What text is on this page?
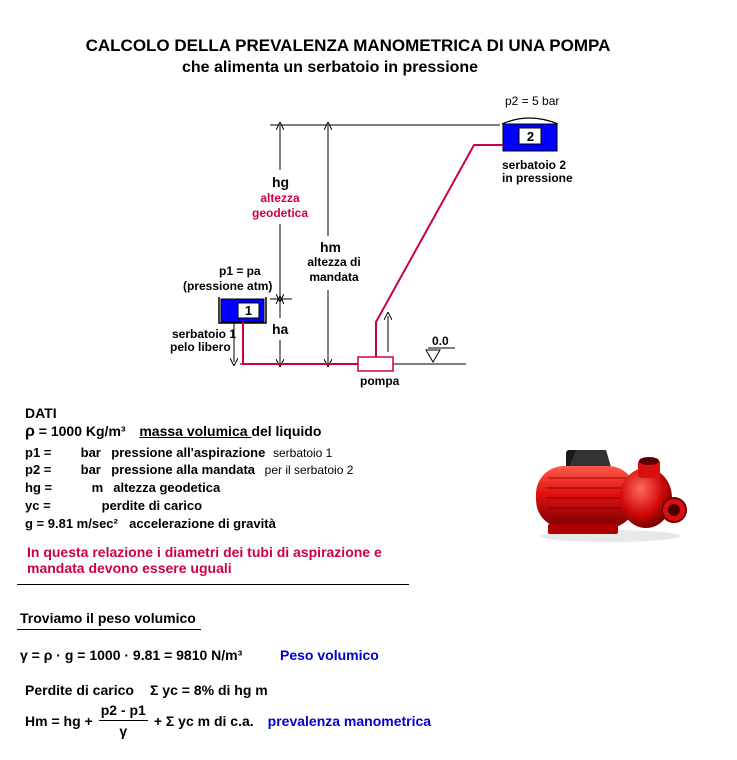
CALCOLO DELLA PREVALENZA MANOMETRICA DI UNA POMPA
che alimenta un serbatoio in pressione
p2 = 5 bar
2
serbatoio 2
in pressione
hg
altezza
geodetica
hm
altezza di
mandata
p1 = pa
(pressione atm)
1
serbatoio 1
pelo libero
ha
0.0
pompa
DATI
ρ = 1000 Kg/m³ massa volumica del liquido
p1 = bar pressione all'aspirazione serbatoio 1
p2 = bar pressione alla mandata per il serbatoio 2
hg =	m altezza geodetica
yc =	perdite di carico
g = 9.81 m/sec² accelerazione di gravità
In questa relazione i diametri dei tubi di aspirazione e
mandata devono essere uguali
Troviamo il peso volumico
γ = ρ · g = 1000 · 9.81 = 9810 N/m³	Peso volumico
Perdite di carico Σ yc = 8% di hg m
Hm = hg + $\frac{p2 - p1}{\gamma} + \Sigma$ yc m di c.a. prevalenza manometrica
